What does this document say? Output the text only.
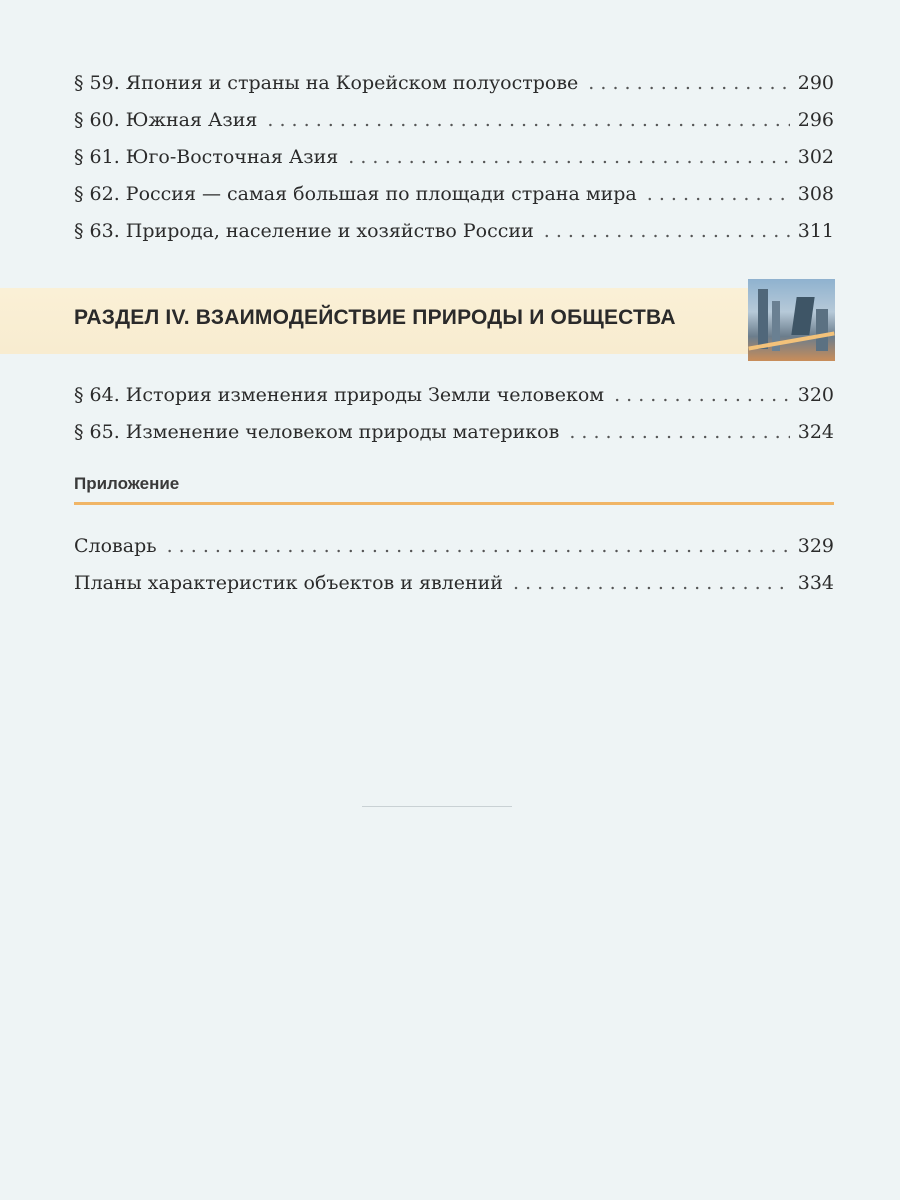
§ 59. Япония и страны на Корейском полуострове . . .	290
§ 60. Южная Азия . . .	296
§ 61. Юго-Восточная Азия . . .	302
§ 62. Россия — самая большая по площади страна мира . . .	308
§ 63. Природа, население и хозяйство России . . .	311
РАЗДЕЛ IV. ВЗАИМОДЕЙСТВИЕ ПРИРОДЫ И ОБЩЕСТВА
§ 64. История изменения природы Земли человеком . . .	320
§ 65. Изменение человеком природы материков . . .	324
Приложение
Словарь . . .	329
Планы характеристик объектов и явлений . . .	334
